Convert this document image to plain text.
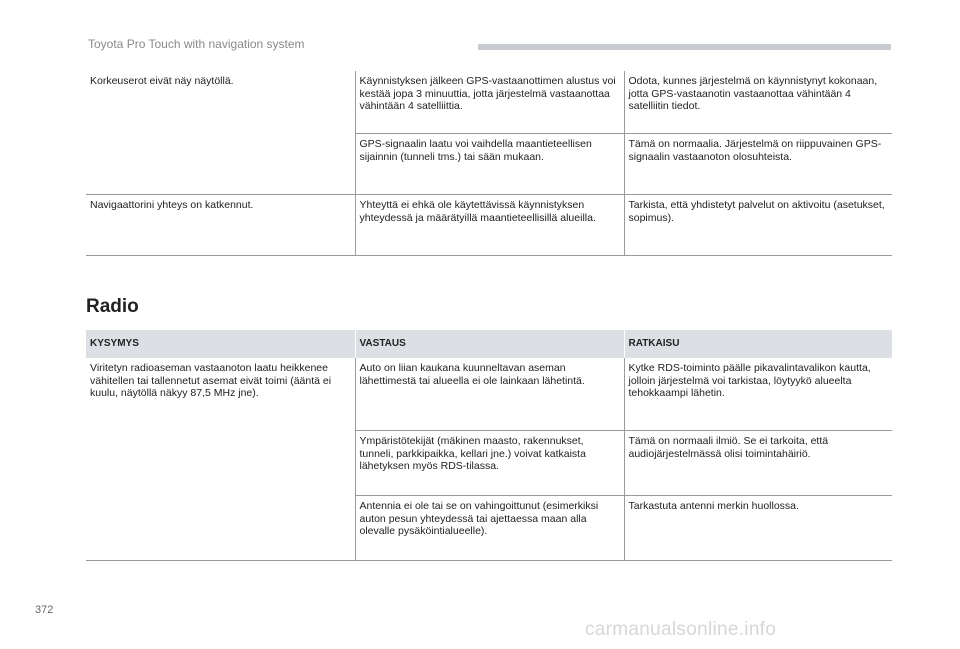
Toyota Pro Touch with navigation system
Korkeuserot eivät näy näytöllä.	Käynnistyksen jälkeen GPS-vastaanottimen alustus voi kestää jopa 3 minuuttia, jotta järjestelmä vastaanottaa vähintään 4 satelliittia.	Odota, kunnes järjestelmä on käynnistynyt kokonaan, jotta GPS-vastaanotin vastaanottaa vähintään 4 satelliitin tiedot.
	GPS-signaalin laatu voi vaihdella maantieteellisen sijainnin (tunneli tms.) tai sään mukaan.	Tämä on normaalia. Järjestelmä on riippuvainen GPS-signaalin vastaanoton olosuhteista.
Navigaattorini yhteys on katkennut.	Yhteyttä ei ehkä ole käytettävissä käynnistyksen yhteydessä ja määrätyillä maantieteellisillä alueilla.	Tarkista, että yhdistetyt palvelut on aktivoitu (asetukset, sopimus).
Radio
KYSYMYS	VASTAUS	RATKAISU
Viritetyn radioaseman vastaanoton laatu heikkenee vähitellen tai tallennetut asemat eivät toimi (ääntä ei kuulu, näytöllä näkyy 87,5 MHz jne).	Auto on liian kaukana kuunneltavan aseman lähettimestä tai alueella ei ole lainkaan lähetintä.	Kytke RDS-toiminto päälle pikavalintavalikon kautta, jolloin järjestelmä voi tarkistaa, löytyykö alueelta tehokkaampi lähetin.
	Ympäristötekijät (mäkinen maasto, rakennukset, tunneli, parkkipaikka, kellari jne.) voivat katkaista lähetyksen myös RDS-tilassa.	Tämä on normaali ilmiö. Se ei tarkoita, että audiojärjestelmässä olisi toimintahäiriö.
	Antennia ei ole tai se on vahingoittunut (esimerkiksi auton pesun yhteydessä tai ajettaessa maan alla olevalle pysäköintialueelle).	Tarkastuta antenni merkin huollossa.
372
carmanualsonline.info
